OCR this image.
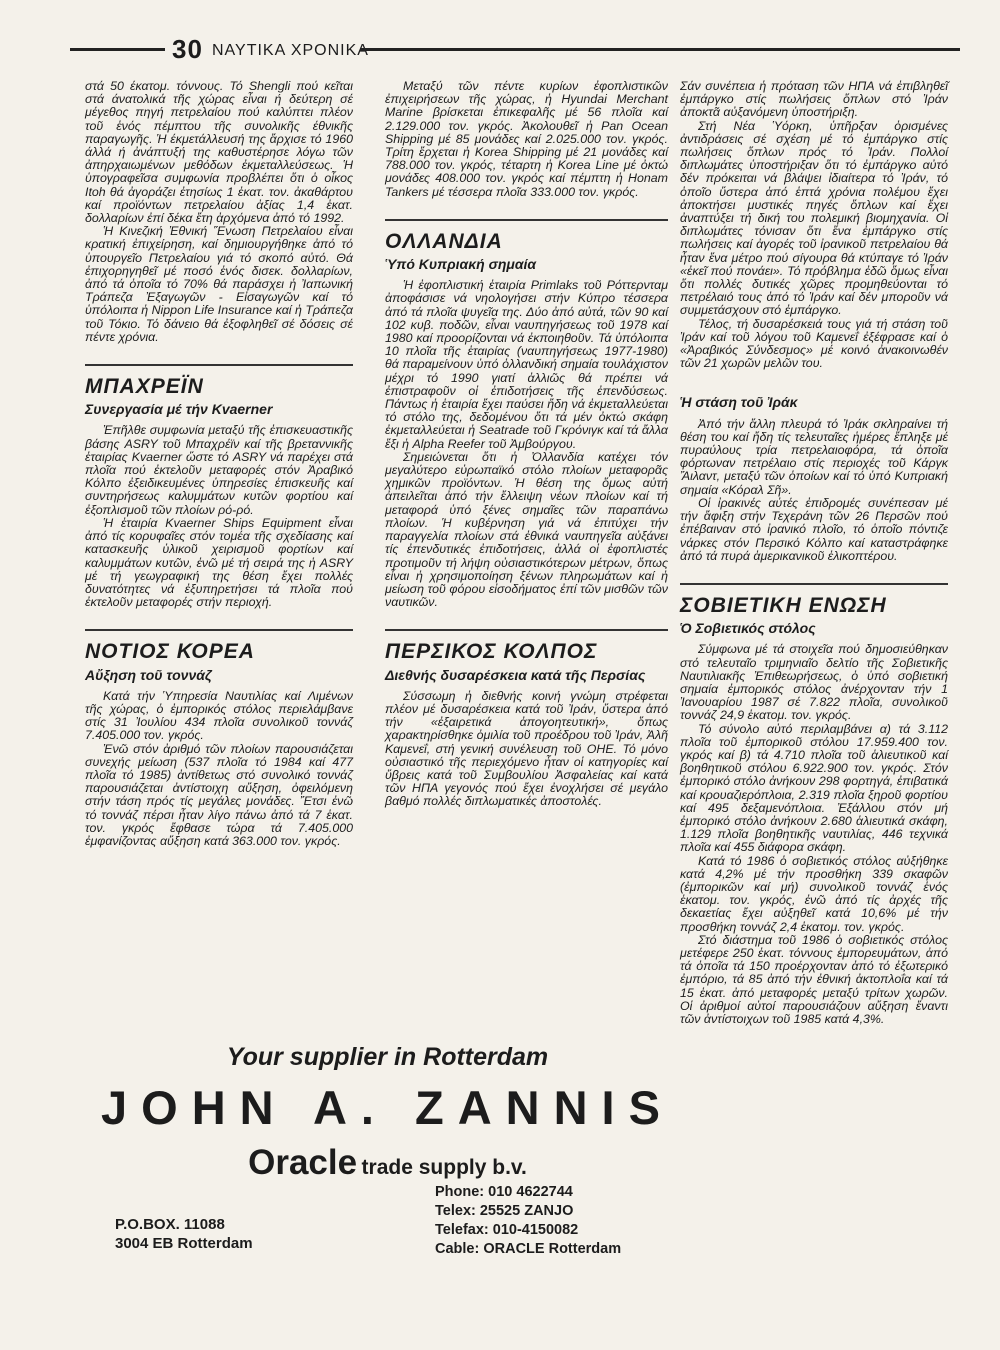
30 ΝΑΥΤΙΚΑ ΧΡΟΝΙΚΑ

στά 50 έκατομ. τόννους. Τό Shengli πού κεῖται στά άνατολικά τῆς χώρας εἶναι ή δεύτερη σέ μέγεθος πηγή πετρελαίου πού καλύπτει πλέον τοῦ ἑνός πέμπτου τῆς συνολικῆς έθνικῆς παραγωγῆς. Ἡ έκμετάλλευσή της ἄρχισε τό 1960 άλλά ή ἀνάπτυξή της καθυστέρησε λόγω τῶν ἀπηρχαιωμένων μεθόδων ἐκμεταλλεύσεως. Ἡ ὑπογραφεῖσα συμφωνία προβλέπει ὅτι ὁ οἶκος Itoh θά ἀγοράζει ἐτησίως 1 ἑκατ. τον. ἀκαθάρτου καί προϊόντων πετρελαίου ἀξίας 1,4 ἑκατ. δολλαρίων ἐπί δέκα ἔτη ἀρχόμενα ἀπό τό 1992.

Ἡ Κινεζική Ἐθνική Ἕνωση Πετρελαίου εἶναι κρατική ἐπιχείρηση, καί δημιουργήθηκε ἀπό τό ὑπουργεῖο Πετρελαίου γιά τό σκοπό αὐτό. Θά ἐπιχορηγηθεῖ μέ ποσό ἑνός δισεκ. δολλαρίων, ἀπό τά ὁποῖα τό 70% θά παράσχει ἡ Ἰαπωνική Τράπεζα Ἐξαγωγῶν - Εἰσαγωγῶν καί τό ὑπόλοιπα ἡ Nippon Life Insurance καί ἡ Τράπεζα τοῦ Τόκιο. Τό δάνειο θά ἐξοφληθεῖ σέ δόσεις σέ πέντε χρόνια.

ΜΠΑΧΡΕΪΝ
Συνεργασία μέ τήν Kvaerner

Ἐπῆλθε συμφωνία μεταξύ τῆς ἐπισκευαστικῆς βάσης ASRY τοῦ Μπαχρέϊν καί τῆς βρεταννικῆς ἑταιρίας Kvaerner ὥστε τό ASRY νά παρέχει στά πλοῖα πού ἐκτελοῦν μεταφορές στόν Ἀραβικό Κόλπο ἐξειδικευμένες ὑπηρεσίες ἐπισκευῆς καί συντηρήσεως καλυμμάτων κυτῶν φορτίου καί ἐξοπλισμοῦ τῶν πλοίων ρό-ρό.

Ἡ ἑταιρία Kvaerner Ships Equipment εἶναι ἀπό τίς κορυφαῖες στόν τομέα τῆς σχεδίασης καί κατασκευῆς ὑλικοῦ χειρισμοῦ φορτίων καί καλυμμάτων κυτῶν, ἐνῶ μέ τή σειρά της ἡ ASRY μέ τή γεωγραφική της θέση ἔχει πολλές δυνατότητες νά ἐξυπηρετήσει τά πλοῖα πού ἐκτελοῦν μεταφορές στήν περιοχή.

ΝΟΤΙΟΣ ΚΟΡΕΑ
Αὔξηση τοῦ τοννάζ

Κατά τήν Ὑπηρεσία Ναυτιλίας καί Λιμένων τῆς χώρας, ὁ ἐμπορικός στόλος περιελάμβανε στίς 31 Ἰουλίου 434 πλοῖα συνολικοῦ τοννάζ 7.405.000 τον. γκρός.

Ἐνῶ στόν ἀριθμό τῶν πλοίων παρουσιάζεται συνεχής μείωση (537 πλοῖα τό 1984 καί 477 πλοῖα τό 1985) ἀντίθετως στό συνολικό τοννάζ παρουσιάζεται ἀντίστοιχη αὔξηση, ὀφειλόμενη στήν τάση πρός τίς μεγάλες μονάδες. Ἔτσι ἐνῶ τό τοννάζ πέρσι ἦταν λίγο πάνω ἀπό τά 7 ἑκατ. τον. γκρός ἔφθασε τώρα τά 7.405.000 ἐμφανίζοντας αὔξηση κατά 363.000 τον. γκρός.

Μεταξύ τῶν πέντε κυρίων ἐφοπλιστικῶν ἐπιχειρήσεων τῆς χώρας, ἡ Hyundai Merchant Marine βρίσκεται ἐπικεφαλῆς μέ 56 πλοῖα καί 2.129.000 τον. γκρός. Ἀκολουθεῖ ἡ Pan Ocean Shipping μέ 85 μονάδες καί 2.025.000 τον. γκρός. Τρίτη ἔρχεται ἡ Korea Shipping μέ 21 μονάδες καί 788.000 τον. γκρός, τέταρτη ἡ Korea Line μέ ὀκτώ μονάδες 408.000 τον. γκρός καί πέμπτη ἡ Honam Tankers μέ τέσσερα πλοῖα 333.000 τον. γκρός.

ΟΛΛΑΝΔΙΑ
Ὑπό Κυπριακή σημαία

Ἡ ἐφοπλιστική ἑταιρία Primlaks τοῦ Ρόττερνταμ ἀποφάσισε νά νηολογήσει στήν Κύπρο τέσσερα ἀπό τά πλοῖα ψυγεῖα της. Δύο ἀπό αὐτά, τῶν 90 καί 102 κυβ. ποδῶν, εἶναι ναυπηγήσεως τοῦ 1978 καί 1980 καί προορίζονται νά ἐκποιηθοῦν. Τά ὑπόλοιπα 10 πλοῖα τῆς ἑταιρίας (ναυπηγήσεως 1977-1980) θά παραμείνουν ὑπό ὀλλανδική σημαία τουλάχιστον μέχρι τό 1990 γιατί ἀλλιῶς θά πρέπει νά ἐπιστραφοῦν οἱ ἐπιδοτήσεις τῆς ἐπενδύσεως. Πάντως ἡ ἑταιρία ἔχει παύσει ἤδη νά ἐκμεταλλεύεται τό στόλο της, δεδομένου ὅτι τά μέν ὀκτώ σκάφη ἐκμεταλλεύεται ἡ Seatrade τοῦ Γκρόνιγκ καί τά ἄλλα ἕξι ἡ Alpha Reefer τοῦ Ἀμβούργου.

Σημειώνεται ὅτι ἡ Ὀλλανδία κατέχει τόν μεγαλύτερο εὐρωπαϊκό στόλο πλοίων μεταφορᾶς χημικῶν προϊόντων. Ἡ θέση της ὅμως αὐτή ἀπειλεῖται ἀπό τήν ἔλλειψη νέων πλοίων καί τή μεταφορά ὑπό ξένες σημαῖες τῶν παραπάνω πλοίων. Ἡ κυβέρνηση γιά νά ἐπιτύχει τήν παραγγελία πλοίων στά ἐθνικά ναυπηγεῖα αὐξάνει τίς ἐπενδυτικές ἐπιδοτήσεις, ἀλλά οἱ ἐφοπλιστές προτιμοῦν τή λήψη οὐσιαστικότερων μέτρων, ὅπως εἶναι ἡ χρησιμοποίηση ξένων πληρωμάτων καί ἡ μείωση τοῦ φόρου εἰσοδήματος ἐπί τῶν μισθῶν τῶν ναυτικῶν.

ΠΕΡΣΙΚΟΣ ΚΟΛΠΟΣ
Διεθνής δυσαρέσκεια κατά τῆς Περσίας

Σύσσωμη ἡ διεθνής κοινή γνώμη στρέφεται πλέον μέ δυσαρέσκεια κατά τοῦ Ἰράν, ὕστερα ἀπό τήν «ἐξαιρετικά ἀπογοητευτική», ὅπως χαρακτηρίσθηκε ὁμιλία τοῦ προέδρου τοῦ Ἰράν, Ἀλῆ Καμενεΐ, στή γενική συνέλευση τοῦ ΟΗΕ. Τό μόνο οὐσιαστικό τῆς περιεχόμενο ἦταν οἱ κατηγορίες καί ὕβρεις κατά τοῦ Συμβουλίου Ἀσφαλείας καί κατά τῶν ΗΠΑ γεγονός πού ἔχει ἐνοχλήσει σέ μεγάλο βαθμό πολλές διπλωματικές ἀποστολές.

Σάν συνέπεια ἡ πρόταση τῶν ΗΠΑ νά ἐπιβληθεῖ ἐμπάργκο στίς πωλήσεις ὅπλων στό Ἰράν ἀποκτᾶ αὐξανόμενη ὑποστήριξη.

Στή Νέα Ὑόρκη, ὑπῆρξαν ὁρισμένες ἀντιδράσεις σέ σχέση μέ τό ἐμπάργκο στίς πωλήσεις ὅπλων πρός τό Ἰράν. Πολλοί διπλωμάτες ὑποστήριξαν ὅτι τό ἐμπάργκο αὐτό δέν πρόκειται νά βλάψει ἰδιαίτερα τό Ἰράν, τό ὁποῖο ὕστερα ἀπό ἑπτά χρόνια πολέμου ἔχει ἀποκτήσει μυστικές πηγές ὅπλων καί ἔχει ἀναπτύξει τή δική του πολεμική βιομηχανία. Οἱ διπλωμάτες τόνισαν ὅτι ἕνα ἐμπάργκο στίς πωλήσεις καί ἀγορές τοῦ ἰρανικοῦ πετρελαίου θά ἦταν ἕνα μέτρο πού σίγουρα θά κτύπαγε τό Ἰράν «ἐκεῖ πού πονάει». Τό πρόβλημα ἐδῶ ὅμως εἶναι ὅτι πολλές δυτικές χῶρες προμηθεύονται τό πετρέλαιό τους ἀπό τό Ἰράν καί δέν μποροῦν νά συμμετάσχουν στό ἐμπάργκο.

Τέλος, τή δυσαρέσκειά τους γιά τή στάση τοῦ Ἰράν καί τοῦ λόγου τοῦ Καμενεΐ ἐξέφρασε καί ὁ «Ἀραβικός Σύνδεσμος» μέ κοινό ἀνακοινωθέν τῶν 21 χωρῶν μελῶν του.

Ἡ στάση τοῦ Ἰράκ

Ἀπό τήν ἄλλη πλευρά τό Ἰράκ σκληραίνει τή θέση του καί ἤδη τίς τελευταῖες ἡμέρες ἔπληξε μέ πυραύλους τρία πετρελαιοφόρα, τά ὁποῖα φόρτωναν πετρέλαιο στίς περιοχές τοῦ Κάργκ Ἄιλαντ, μεταξύ τῶν ὁποίων καί τό ὑπό Κυπριακή σημαία «Κόραλ Σῆ».

Οἱ ἰρακινές αὐτές ἐπιδρομές συνέπεσαν μέ τήν ἄφιξη στήν Τεχεράνη τῶν 26 Περσῶν πού ἐπέβαιναν στό ἰρανικό πλοῖο, τό ὁποῖο πόντιζε νάρκες στόν Περσικό Κόλπο καί καταστράφηκε ἀπό τά πυρά ἀμερικανικοῦ ἑλικοπτέρου.

ΣΟΒΙΕΤΙΚΗ ΕΝΩΣΗ
Ὁ Σοβιετικός στόλος

Σύμφωνα μέ τά στοιχεῖα πού δημοσιεύθηκαν στό τελευταῖο τριμηνιαῖο δελτίο τῆς Σοβιετικῆς Ναυτιλιακῆς Ἐπιθεωρήσεως, ὁ ὑπό σοβιετική σημαία ἐμπορικός στόλος ἀνέρχονταν τήν 1 Ἰανουαρίου 1987 σέ 7.822 πλοῖα, συνολικοῦ τοννάζ 24,9 ἑκατομ. τον. γκρός.

Τό σύνολο αὐτό περιλαμβάνει α) τά 3.112 πλοῖα τοῦ ἐμπορικοῦ στόλου 17.959.400 τον. γκρός καί β) τά 4.710 πλοῖα τοῦ ἁλιευτικοῦ καί βοηθητικοῦ στόλου 6.922.900 τον. γκρός. Στόν ἐμπορικό στόλο ἀνήκουν 298 φορτηγά, ἐπιβατικά καί κρουαζιερόπλοια, 2.319 πλοῖα ξηροῦ φορτίου καί 495 δεξαμενόπλοια. Ἐξάλλου στόν μή ἐμπορικό στόλο ἀνήκουν 2.680 ἁλιευτικά σκάφη, 1.129 πλοῖα βοηθητικῆς ναυτιλίας, 446 τεχνικά πλοῖα καί 455 διάφορα σκάφη.

Κατά τό 1986 ὁ σοβιετικός στόλος αὐξήθηκε κατά 4,2% μέ τήν προσθήκη 339 σκαφῶν (ἐμπορικῶν καί μή) συνολικοῦ τοννάζ ἑνός ἑκατομ. τον. γκρός, ἐνῶ ἀπό τίς ἀρχές τῆς δεκαετίας ἔχει αὐξηθεῖ κατά 10,6% μέ τήν προσθήκη τοννάζ 2,4 ἑκατομ. τον. γκρός.

Στό διάστημα τοῦ 1986 ὁ σοβιετικός στόλος μετέφερε 250 ἑκατ. τόννους ἐμπορευμάτων, ἀπό τά ὁποῖα τά 150 προέρχονταν ἀπό τό ἐξωτερικό ἐμπόριο, τά 85 ἀπό τήν ἐθνική ἀκτοπλοΐα καί τά 15 ἑκατ. ἀπό μεταφορές μεταξύ τρίτων χωρῶν. Οἱ ἀριθμοί αὐτοί παρουσιάζουν αὔξηση ἔναντι τῶν ἀντίστοιχων τοῦ 1985 κατά 4,3%.

Your supplier in Rotterdam

JOHN A. ZANNIS

Oracle trade supply b.v.
P.O.BOX. 11088
3004 EB Rotterdam
Phone: 010 4622744
Telex: 25525 ZANJO
Telefax: 010-4150082
Cable: ORACLE Rotterdam
